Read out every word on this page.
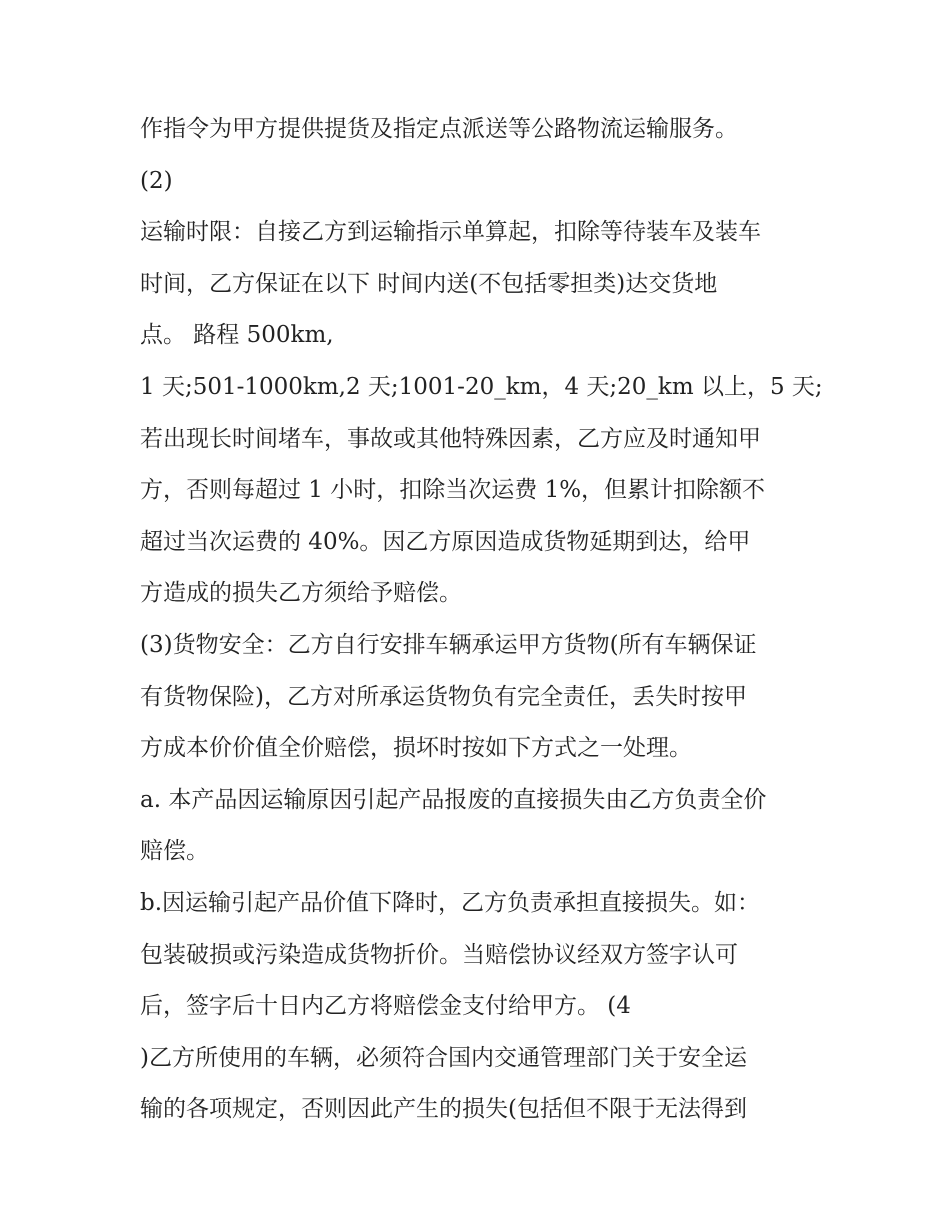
作指令为甲方提供提货及指定点派送等公路物流运输服务。
(2)
运输时限：自接乙方到运输指示单算起，扣除等待装车及装车
时间，乙方保证在以下 时间内送(不包括零担类)达交货地
点。 路程 500km,
1 天;501-1000km,2 天;1001-20_km，4 天;20_km 以上，5 天;
若出现长时间堵车，事故或其他特殊因素，乙方应及时通知甲
方，否则每超过 1 小时，扣除当次运费 1%，但累计扣除额不
超过当次运费的 40%。因乙方原因造成货物延期到达，给甲
方造成的损失乙方须给予赔偿。
(3)货物安全：乙方自行安排车辆承运甲方货物(所有车辆保证
有货物保险)，乙方对所承运货物负有完全责任，丢失时按甲
方成本价价值全价赔偿，损坏时按如下方式之一处理。
a. 本产品因运输原因引起产品报废的直接损失由乙方负责全价
赔偿。
b.因运输引起产品价值下降时，乙方负责承担直接损失。如：
包装破损或污染造成货物折价。当赔偿协议经双方签字认可
后，签字后十日内乙方将赔偿金支付给甲方。 (4
)乙方所使用的车辆，必须符合国内交通管理部门关于安全运
输的各项规定，否则因此产生的损失(包括但不限于无法得到
